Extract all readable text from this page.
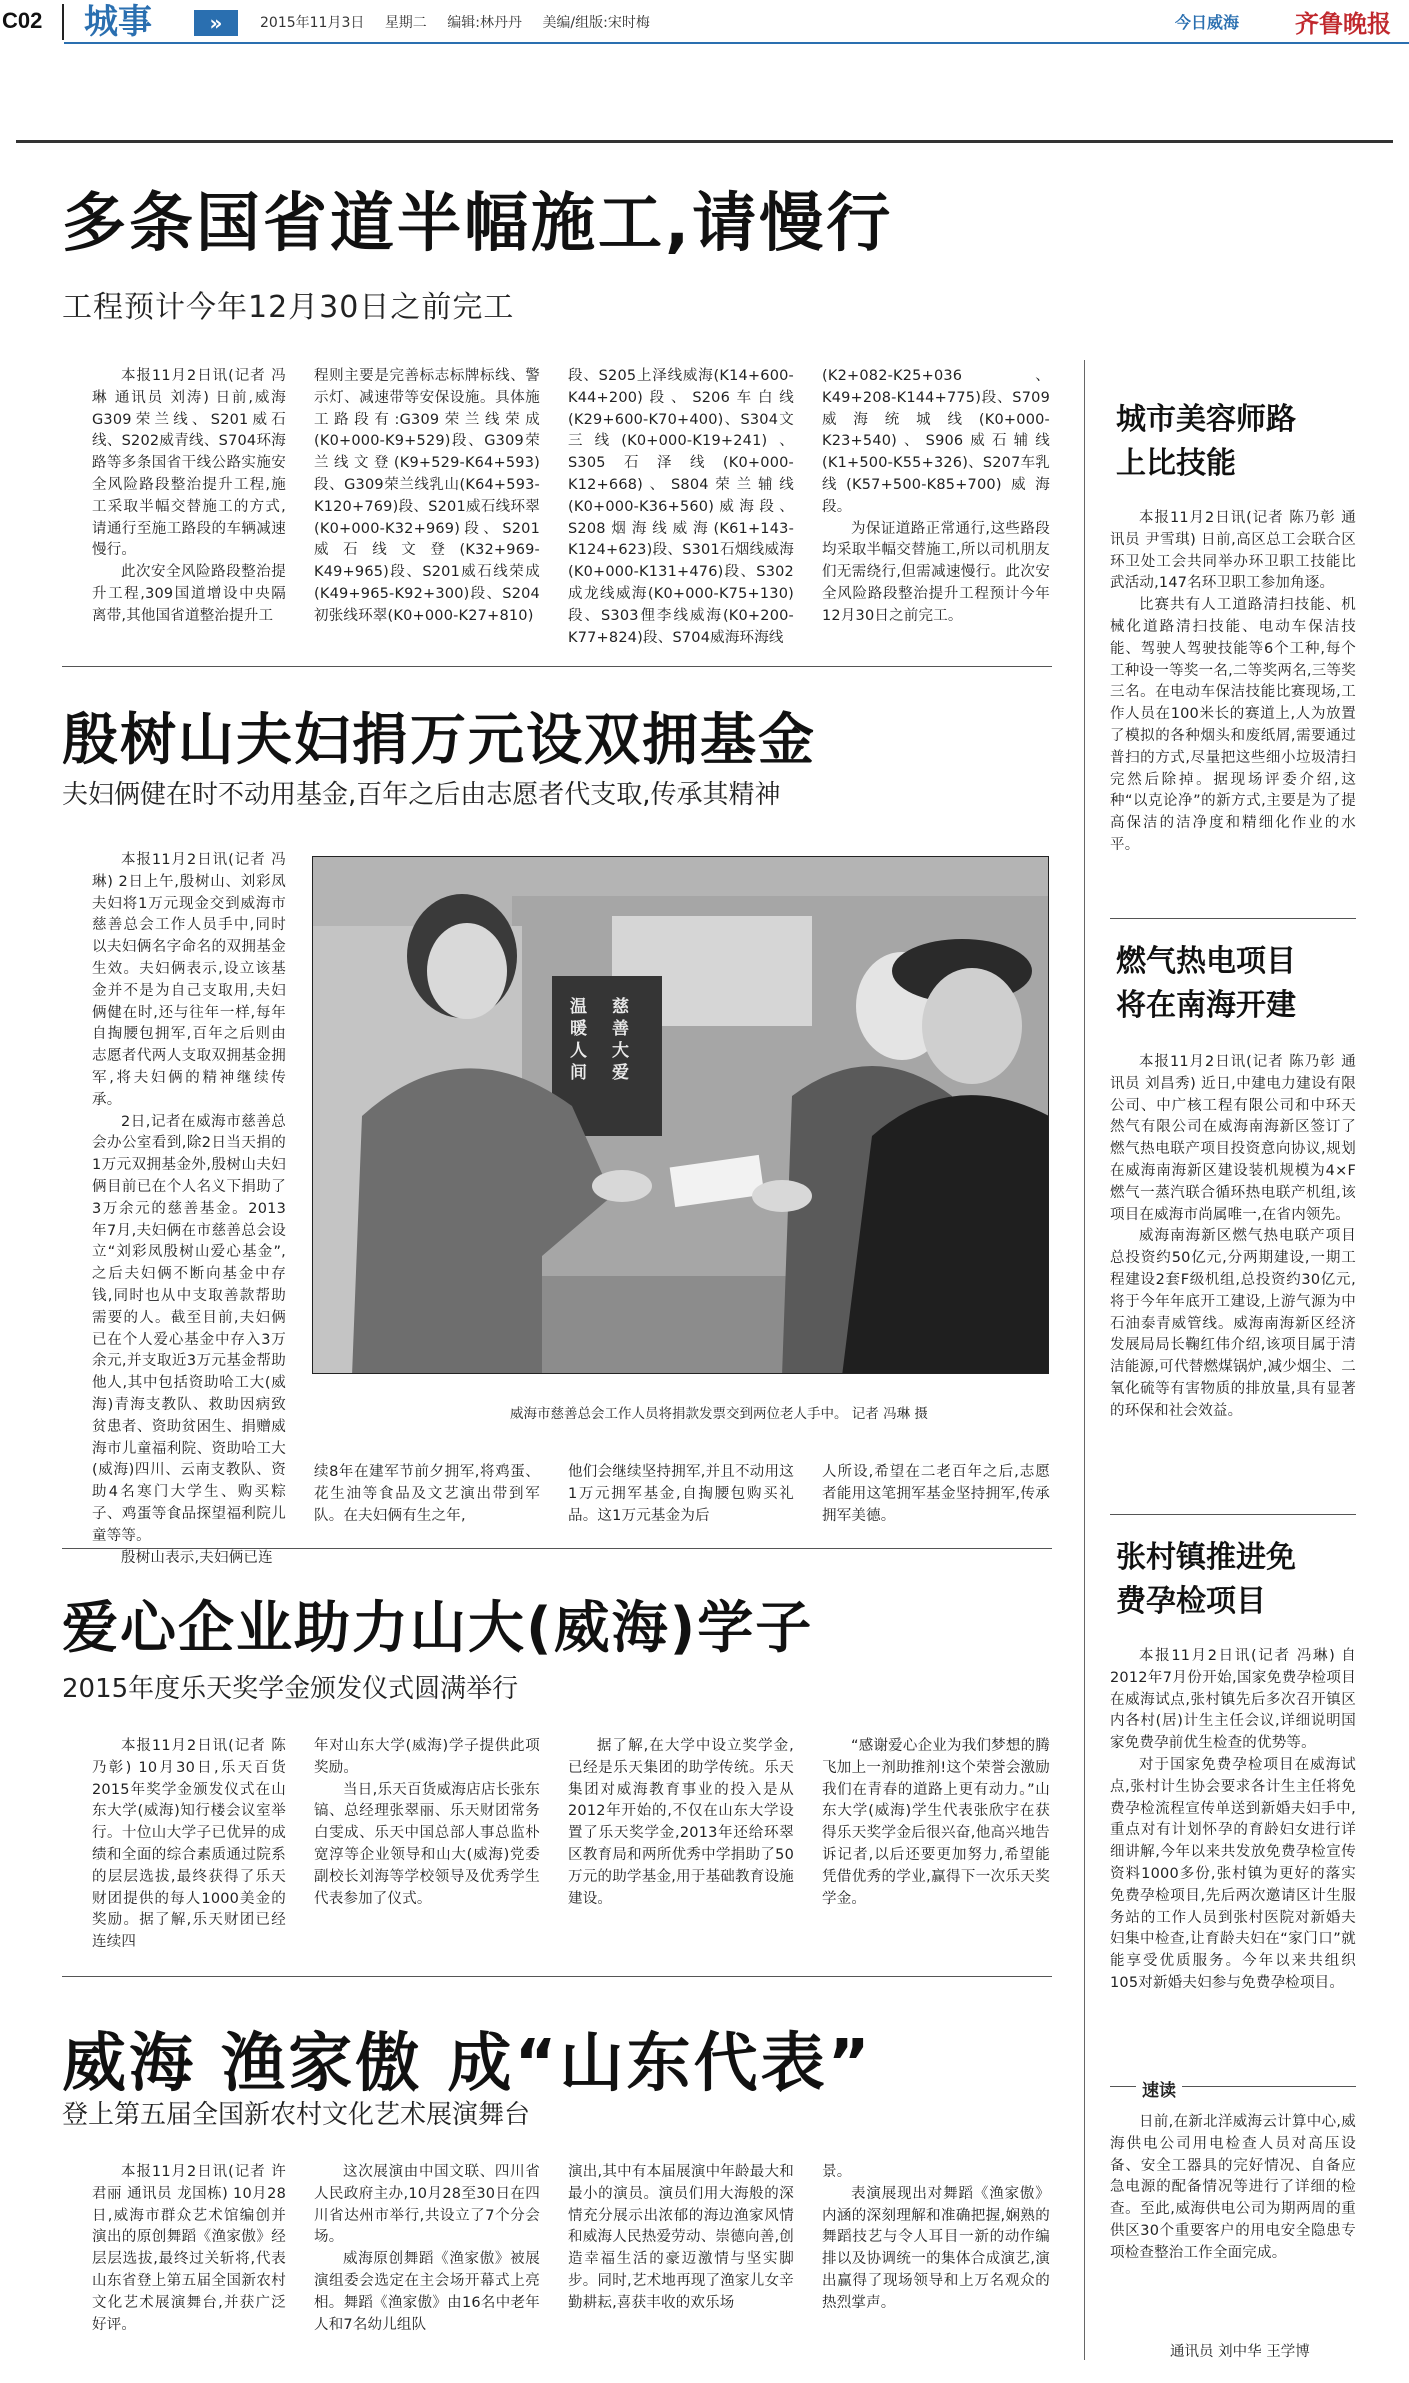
C02	城事	»	2015年11月3日 星期二 编辑:林丹丹 美编/组版:宋时梅	今日威海	齐鲁晚报
多条国省道半幅施工,请慢行
工程预计今年12月30日之前完工

本报11月2日讯(记者 冯琳 通讯员 刘涛) 日前,威海G309荣兰线、S201威石线、S202威青线、S704环海路等多条国省干线公路实施安全风险路段整治提升工程,施工采取半幅交替施工的方式,请通行至施工路段的车辆减速慢行。

此次安全风险路段整治提升工程,309国道增设中央隔离带,其他国省道整治提升工

程则主要是完善标志标牌标线、警示灯、减速带等安保设施。具体施工路段有:G309荣兰线荣成(K0+000-K9+529)段、G309荣兰线文登(K9+529-K64+593)段、G309荣兰线乳山(K64+593-K120+769)段、S201威石线环翠(K0+000-K32+969)段、S201威石线文登(K32+969-K49+965)段、S201威石线荣成(K49+965-K92+300)段、S204初张线环翠(K0+000-K27+810)

段、S205上泽线威海(K14+600-K44+200)段、S206车白线(K29+600-K70+400)、S304文三线(K0+000-K19+241)、S305石泽线(K0+000-K12+668)、S804荣兰辅线(K0+000-K36+560)威海段、S208烟海线威海(K61+143-K124+623)段、S301石烟线威海(K0+000-K131+476)段、S302成龙线威海(K0+000-K75+130)段、S303俚李线威海(K0+200-K77+824)段、S704威海环海线

(K2+082-K25+036、K49+208-K144+775)段、S709威海统城线(K0+000-K23+540)、S906威石辅线(K1+500-K55+326)、S207车乳线(K57+500-K85+700)威海段。

为保证道路正常通行,这些路段均采取半幅交替施工,所以司机朋友们无需绕行,但需减速慢行。此次安全风险路段整治提升工程预计今年12月30日之前完工。

殷树山夫妇捐万元设双拥基金
夫妇俩健在时不动用基金,百年之后由志愿者代支取,传承其精神

本报11月2日讯(记者 冯琳) 2日上午,殷树山、刘彩凤夫妇将1万元现金交到威海市慈善总会工作人员手中,同时以夫妇俩名字命名的双拥基金生效。夫妇俩表示,设立该基金并不是为自己支取用,夫妇俩健在时,还与往年一样,每年自掏腰包拥军,百年之后则由志愿者代两人支取双拥基金拥军,将夫妇俩的精神继续传承。

2日,记者在威海市慈善总会办公室看到,除2日当天捐的1万元双拥基金外,殷树山夫妇俩目前已在个人名义下捐助了3万余元的慈善基金。2013年7月,夫妇俩在市慈善总会设立“刘彩凤殷树山爱心基金”,之后夫妇俩不断向基金中存钱,同时也从中支取善款帮助需要的人。截至目前,夫妇俩已在个人爱心基金中存入3万余元,并支取近3万元基金帮助他人,其中包括资助哈工大(威海)青海支教队、救助因病致贫患者、资助贫困生、捐赠威海市儿童福利院、资助哈工大(威海)四川、云南支教队、资助4名寒门大学生、购买粽子、鸡蛋等食品探望福利院儿童等等。

殷树山表示,夫妇俩已连

温暖
人间
慈善
大爱
威海市慈善总会工作人员将捐款发票交到两位老人手中。 记者 冯琳 摄

续8年在建军节前夕拥军,将鸡蛋、花生油等食品及文艺演出带到军队。在夫妇俩有生之年,

他们会继续坚持拥军,并且不动用这1万元拥军基金,自掏腰包购买礼品。这1万元基金为后

人所设,希望在二老百年之后,志愿者能用这笔拥军基金坚持拥军,传承拥军美德。

爱心企业助力山大(威海)学子
2015年度乐天奖学金颁发仪式圆满举行

本报11月2日讯(记者 陈乃彰) 10月30日,乐天百货2015年奖学金颁发仪式在山东大学(威海)知行楼会议室举行。十位山大学子已优异的成绩和全面的综合素质通过院系的层层选拔,最终获得了乐天财团提供的每人1000美金的奖励。据了解,乐天财团已经连续四

年对山东大学(威海)学子提供此项奖励。

当日,乐天百货威海店店长张东镐、总经理张翠丽、乐天财团常务白雯成、乐天中国总部人事总监朴宽淳等企业领导和山大(威海)党委副校长刘海等学校领导及优秀学生代表参加了仪式。

据了解,在大学中设立奖学金,已经是乐天集团的助学传统。乐天集团对威海教育事业的投入是从2012年开始的,不仅在山东大学设置了乐天奖学金,2013年还给环翠区教育局和两所优秀中学捐助了50万元的助学基金,用于基础教育设施建设。

“感谢爱心企业为我们梦想的腾飞加上一剂助推剂!这个荣誉会激励我们在青春的道路上更有动力。”山东大学(威海)学生代表张欣宇在获得乐天奖学金后很兴奋,他高兴地告诉记者,以后还要更加努力,希望能凭借优秀的学业,赢得下一次乐天奖学金。

威海 渔家傲 成“山东代表”
登上第五届全国新农村文化艺术展演舞台

本报11月2日讯(记者 许君丽 通讯员 龙国栋) 10月28日,威海市群众艺术馆编创并演出的原创舞蹈《渔家傲》经层层选拔,最终过关斩将,代表山东省登上第五届全国新农村文化艺术展演舞台,并获广泛好评。

这次展演由中国文联、四川省人民政府主办,10月28至30日在四川省达州市举行,共设立了7个分会场。

威海原创舞蹈《渔家傲》被展演组委会选定在主会场开幕式上亮相。舞蹈《渔家傲》由16名中老年人和7名幼儿组队

演出,其中有本届展演中年龄最大和最小的演员。演员们用大海般的深情充分展示出浓郁的海边渔家风情和威海人民热爱劳动、崇德向善,创造幸福生活的豪迈激情与坚实脚步。同时,艺术地再现了渔家儿女辛勤耕耘,喜获丰收的欢乐场

景。

表演展现出对舞蹈《渔家傲》内涵的深刻理解和准确把握,娴熟的舞蹈技艺与令人耳目一新的动作编排以及协调统一的集体合成演艺,演出赢得了现场领导和上万名观众的热烈掌声。

城市美容师路上比技能

本报11月2日讯(记者 陈乃彰 通讯员 尹雪琪) 日前,高区总工会联合区环卫处工会共同举办环卫职工技能比武活动,147名环卫职工参加角逐。

比赛共有人工道路清扫技能、机械化道路清扫技能、电动车保洁技能、驾驶人驾驶技能等6个工种,每个工种设一等奖一名,二等奖两名,三等奖三名。在电动车保洁技能比赛现场,工作人员在100米长的赛道上,人为放置了模拟的各种烟头和废纸屑,需要通过普扫的方式,尽量把这些细小垃圾清扫完然后除掉。据现场评委介绍,这种“以克论净”的新方式,主要是为了提高保洁的洁净度和精细化作业的水平。

燃气热电项目将在南海开建

本报11月2日讯(记者 陈乃彰 通讯员 刘昌秀) 近日,中建电力建设有限公司、中广核工程有限公司和中环天然气有限公司在威海南海新区签订了燃气热电联产项目投资意向协议,规划在威海南海新区建设装机规模为4×F燃气一蒸汽联合循环热电联产机组,该项目在威海市尚属唯一,在省内领先。

威海南海新区燃气热电联产项目总投资约50亿元,分两期建设,一期工程建设2套F级机组,总投资约30亿元,将于今年年底开工建设,上游气源为中石油泰青威管线。威海南海新区经济发展局局长鞠红伟介绍,该项目属于清洁能源,可代替燃煤锅炉,减少烟尘、二氧化硫等有害物质的排放量,具有显著的环保和社会效益。

张村镇推进免费孕检项目

本报11月2日讯(记者 冯琳) 自2012年7月份开始,国家免费孕检项目在威海试点,张村镇先后多次召开镇区内各村(居)计生主任会议,详细说明国家免费孕前优生检查的优势等。

对于国家免费孕检项目在威海试点,张村计生协会要求各计生主任将免费孕检流程宣传单送到新婚夫妇手中,重点对有计划怀孕的育龄妇女进行详细讲解,今年以来共发放免费孕检宣传资料1000多份,张村镇为更好的落实免费孕检项目,先后两次邀请区计生服务站的工作人员到张村医院对新婚夫妇集中检查,让育龄夫妇在“家门口”就能享受优质服务。今年以来共组织105对新婚夫妇参与免费孕检项目。

速读

日前,在新北洋威海云计算中心,威海供电公司用电检查人员对高压设备、安全工器具的完好情况、自备应急电源的配备情况等进行了详细的检查。至此,威海供电公司为期两周的重供区30个重要客户的用电安全隐患专项检查整治工作全面完成。

通讯员 刘中华 王学博
